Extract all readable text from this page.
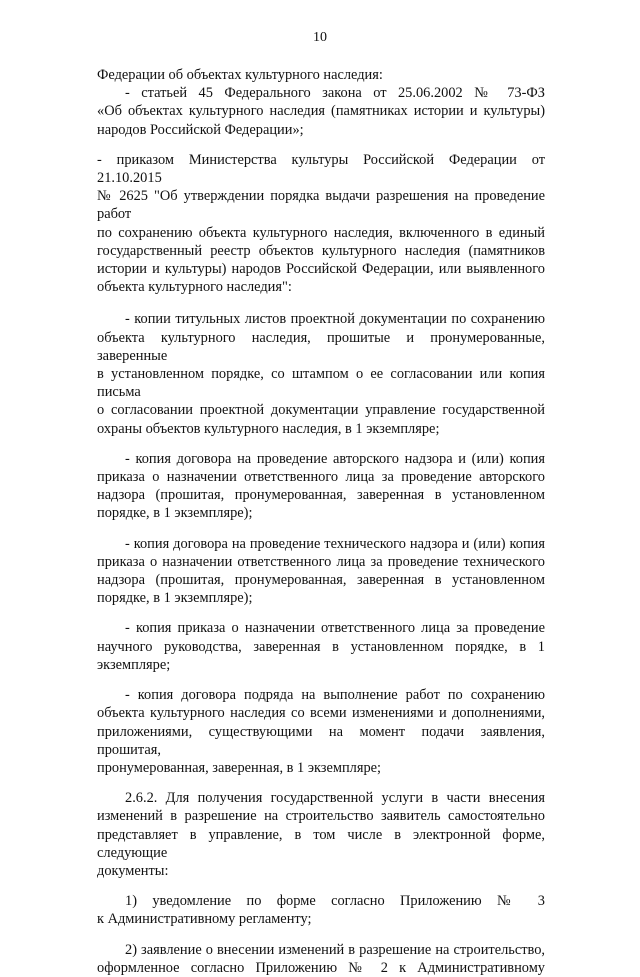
10
Федерации об объектах культурного наследия:
- статьей 45 Федерального закона от 25.06.2002 № 73-ФЗ
«Об объектах культурного наследия (памятниках истории и культуры)
народов Российской Федерации»;
- приказом Министерства культуры Российской Федерации от 21.10.2015
№ 2625 "Об утверждении порядка выдачи разрешения на проведение работ
по сохранению объекта культурного наследия, включенного в единый
государственный реестр объектов культурного наследия (памятников
истории и культуры) народов Российской Федерации, или выявленного
объекта культурного наследия":
- копии титульных листов проектной документации по сохранению
объекта культурного наследия, прошитые и пронумерованные, заверенные
в установленном порядке, со штампом о ее согласовании или копия письма
о согласовании проектной документации управление государственной
охраны объектов культурного наследия, в 1 экземпляре;
- копия договора на проведение авторского надзора и (или) копия
приказа о назначении ответственного лица за проведение авторского
надзора (прошитая, пронумерованная, заверенная в установленном
порядке, в 1 экземпляре);
- копия договора на проведение технического надзора и (или) копия
приказа о назначении ответственного лица за проведение технического
надзора (прошитая, пронумерованная, заверенная в установленном
порядке, в 1 экземпляре);
- копия приказа о назначении ответственного лица за проведение
научного руководства, заверенная в установленном порядке, в 1
экземпляре;
- копия договора подряда на выполнение работ по сохранению
объекта культурного наследия со всеми изменениями и дополнениями,
приложениями, существующими на момент подачи заявления, прошитая,
пронумерованная, заверенная, в 1 экземпляре;
2.6.2. Для получения государственной услуги в части внесения
изменений в разрешение на строительство заявитель самостоятельно
представляет в управление, в том числе в электронной форме, следующие
документы:
1) уведомление по форме согласно Приложению № 3
к Административному регламенту;
2) заявление о внесении изменений в разрешение на строительство,
оформленное согласно Приложению № 2 к Административному
